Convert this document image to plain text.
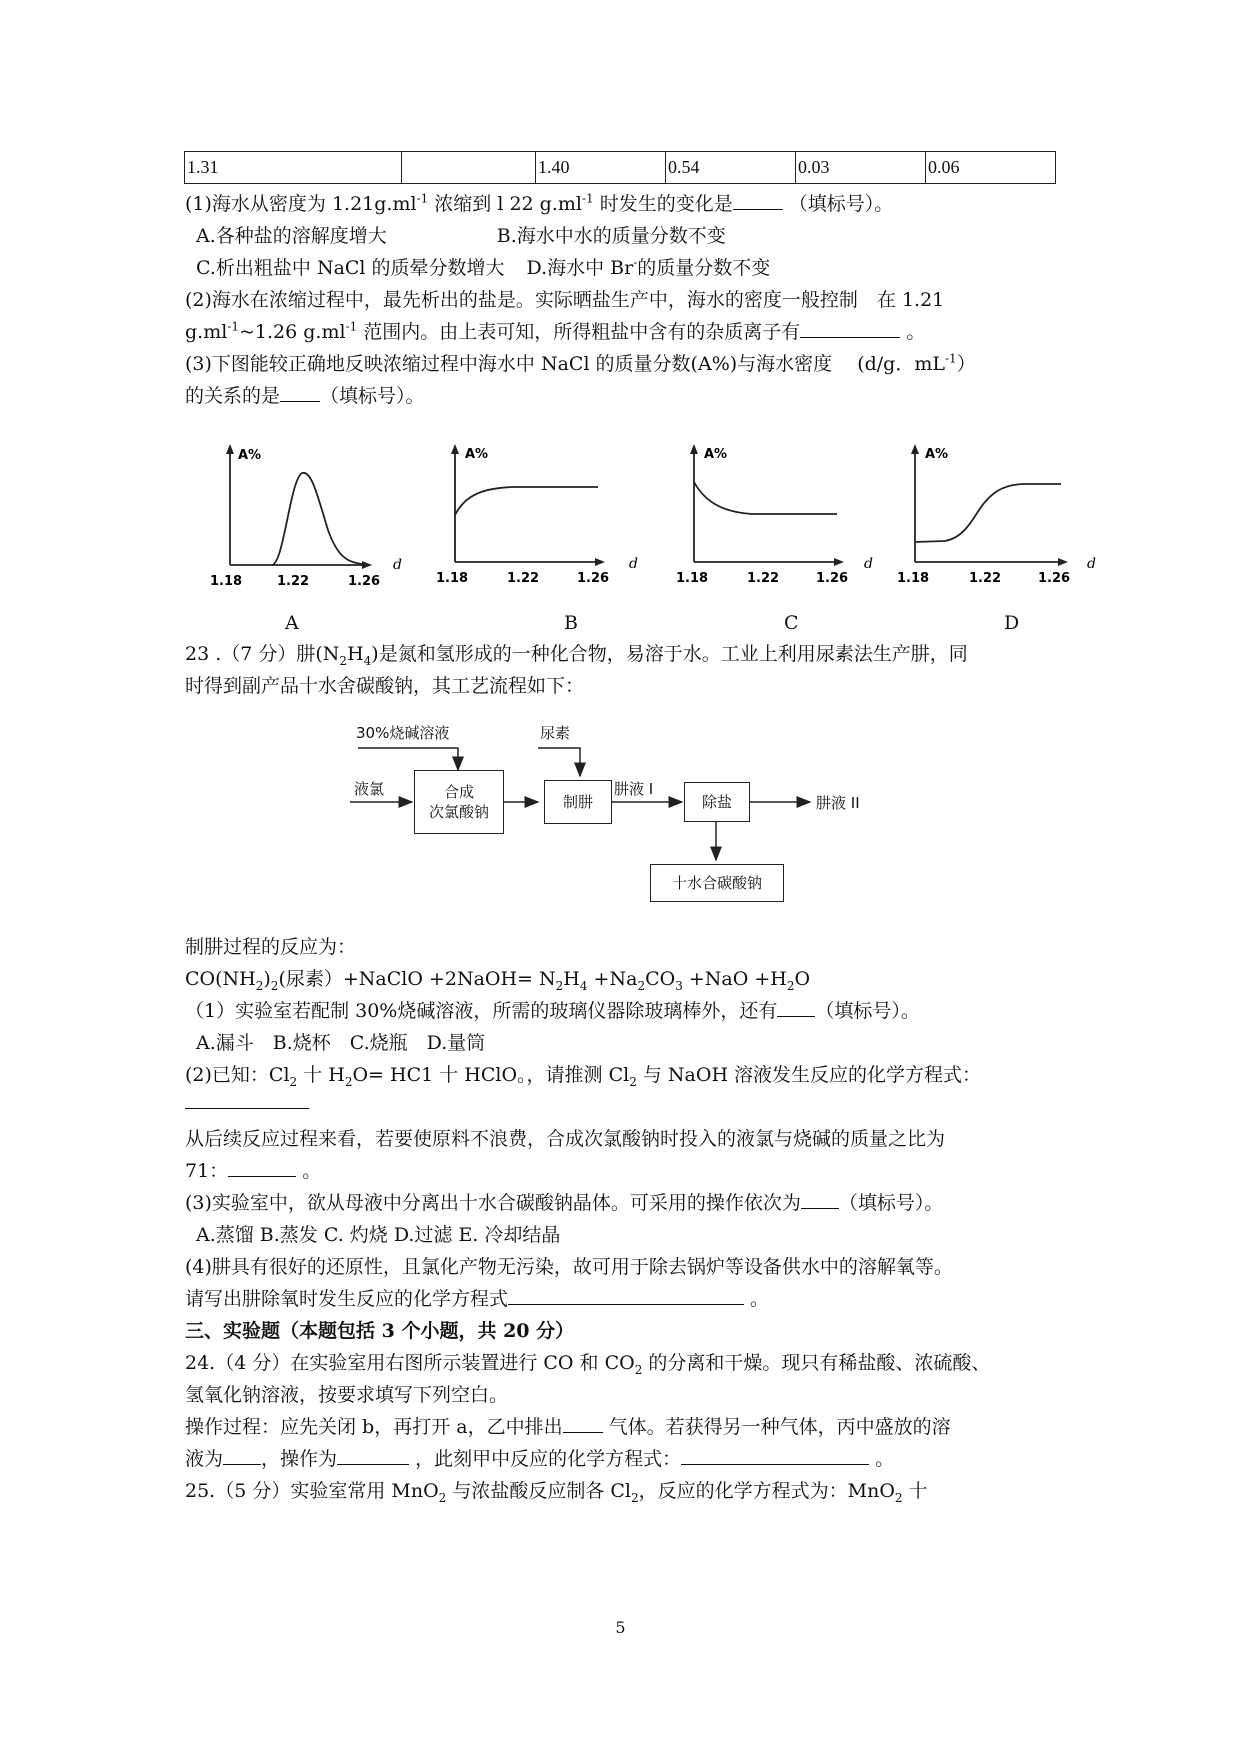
1.31		1.40	0.54	0.03	0.06
(1)海水从密度为 $1.21g.ml^{-1}$ 浓缩到 l 22 $g.ml^{-1}$ 时发生的变化是	（填标号）。
A.各种盐的溶解度增大	B.海水中水的质量分数不变
C.析出粗盐中 NaCl 的质晕分数增大 D.海水中 Br-的质量分数不变
(2)海水在浓缩过程中，最先析出的盐是。实际晒盐生产中，海水的密度一般控制　在 1.21
$g.ml^{-1}\sim 1.26$ $g.ml^{-1}$ 范围内。由上表可知，所得粗盐中含有的杂质离子有	。
(3)下图能较正确地反映浓缩过程中海水中 NaCl 的质量分数(A%)与海水密度　 (d/g．$mL^{-1}$）
的关系的是 （填标号）。
A%
d
1.18	1.22	1.26
A%
d
1.18	1.22	1.26
A%
d
1.18	1.22	1.26
A%
d
1.18	1.22	1.26
A	B	C	D
23 .（7 分）肼$(N_2H_4)$是氮和氢形成的一种化合物，易溶于水。工业上利用尿素法生产肼，同
时得到副产品十水舍碳酸钠，其工艺流程如下：
30%烧碱溶液	尿素
液氯	合成
次氯酸钠
制肼
肼液 I
除盐	肼液 II
十水合碳酸钠
制肼过程的反应为：
$CO(NH_2)_2$(尿素）+NaClO +2NaOH= $N_2H_4 +Na_2CO_3 +NaO +H_2O$
（1）实验室若配制 30%烧碱溶液，所需的玻璃仪器除玻璃棒外，还有 （填标号）。
A.漏斗　B.烧杯　C.烧瓶　D.量筒
(2)已知：$Cl_2$ 十 $H_2O= HC1$ 十 HClO。，请推测 $Cl_2$ 与 NaOH 溶液发生反应的化学方程式：
从后续反应过程来看，若要使原料不浪费，合成次氯酸钠时投入的液氯与烧碱的质量之比为
71：	。
(3)实验室中，欲从母液中分离出十水合碳酸钠晶体。可采用的操作依次为 （填标号）。
A.蒸馏 B.蒸发 C. 灼烧 D.过滤 E. 冷却结晶
(4)肼具有很好的还原性，且氯化产物无污染，故可用于除去锅炉等设备供水中的溶解氧等。
请写出肼除氧时发生反应的化学方程式	。
三、实验题（本题包括 3 个小题，共 20 分）
24.（4 分）在实验室用右图所示装置进行 CO 和 $CO_2$ 的分离和干燥。现只有稀盐酸、浓硫酸、
氢氧化钠溶液，按要求填写下列空白。
操作过程：应先关闭 b，再打开 a，乙中排出 气体。若获得另一种气体，丙中盛放的溶
液为 ，操作为	，此刻甲中反应的化学方程式：	。
25.（5 分）实验室常用 MnO$_2$ 与浓盐酸反应制各 $Cl_2$，反应的化学方程式为：MnO$_2$ 十
5
